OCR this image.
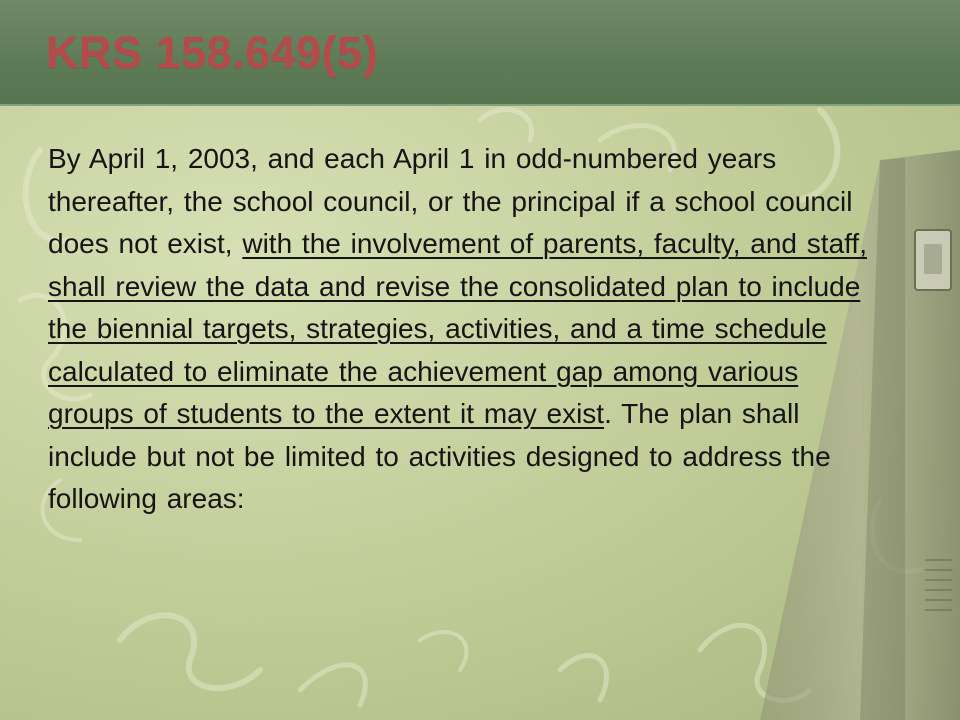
KRS 158.649(5)
By April 1, 2003, and each April 1 in odd-numbered years thereafter, the school council, or the principal if a school council does not exist, with the involvement of parents, faculty, and staff, shall review the data and revise the consolidated plan to include the biennial targets, strategies, activities, and a time schedule calculated to eliminate the achievement gap among various groups of students to the extent it may exist. The plan shall include but not be limited to activities designed to address the following areas:
